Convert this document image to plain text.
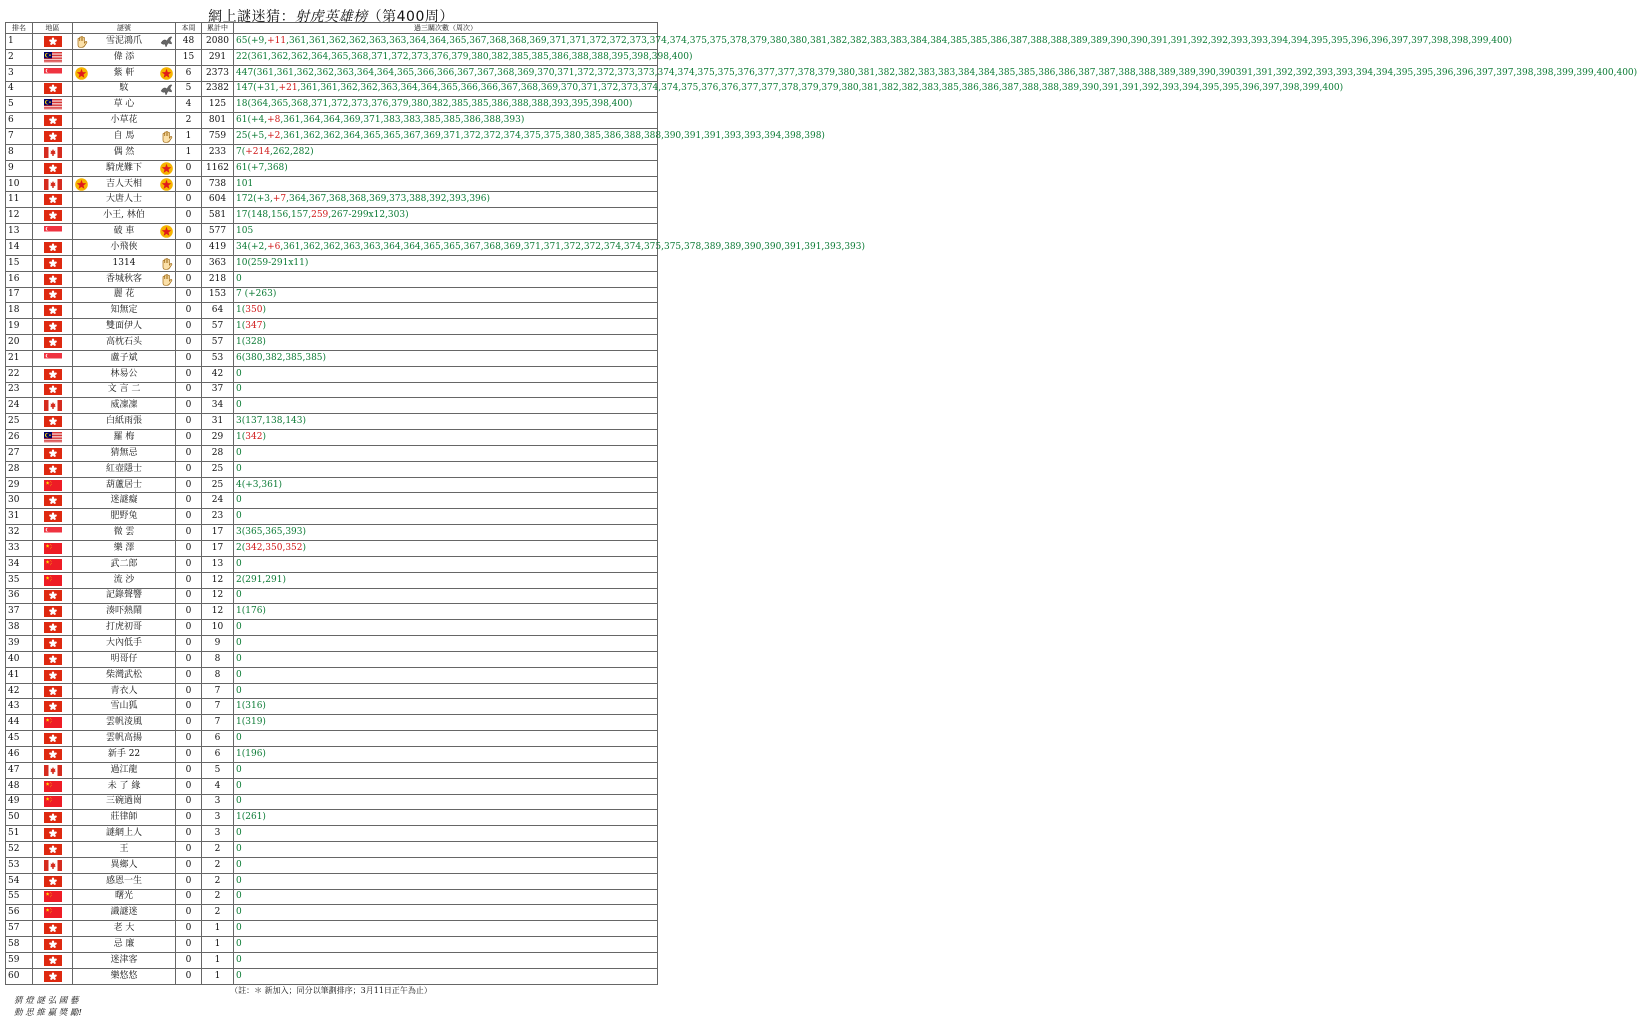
網上謎迷猜：射虎英雄榜（第400周）
排名	地區	謎號	本周	累計中	過三關次數（周次）
1		雪泥鴻爪	48	2080	65(+9,+11,361,361,362,362,363,363,364,364,365,367,368,368,369,371,371,372,372,373,374,374,375,375,378,379,380,380,381,382,382,383,383,384,384,385,385,386,387,388,388,389,389,390,390,391,391,392,392,393,393,394,394,395,395,396,396,397,397,398,398,399,400)
2		偉 添	15	291	22(361,362,362,364,365,368,371,372,373,376,379,380,382,385,385,386,388,388,395,398,398,400)
3		紫 軒	6	2373	447(361,361,362,362,363,364,364,365,366,366,367,367,368,369,370,371,372,372,373,373,374,374,375,375,376,377,377,378,379,380,381,382,382,383,383,384,384,385,385,386,386,387,387,388,388,389,389,390,390391,391,392,392,393,393,394,394,395,395,396,396,397,397,398,398,399,399,400,400)
4		馼	5	2382	147(+31,+21,361,361,362,362,363,364,364,365,366,366,367,368,369,370,371,372,373,374,374,375,376,376,377,377,378,379,379,380,381,382,382,383,385,386,386,387,388,388,389,390,391,391,392,393,394,395,395,396,397,398,399,400)
5		草 心	4	125	18(364,365,368,371,372,373,376,379,380,382,385,385,386,388,388,393,395,398,400)
6		小草花	2	801	61(+4,+8,361,364,364,369,371,383,383,385,385,386,388,393)
7		自 馬	1	759	25(+5,+2,361,362,362,364,365,365,367,369,371,372,372,374,375,375,380,385,386,388,388,390,391,391,393,393,394,398,398)
8		偶 然	1	233	7(+214,262,282)
9		騎虎難下	0	1162	61(+7,368)
10		吉人天相	0	738	101
11		大唐人士	0	604	172(+3,+7,364,367,368,368,369,373,388,392,393,396)
12		小王, 林伯	0	581	17(148,156,157,259,267-299x12,303)
13		破 車	0	577	105
14		小飛俠	0	419	34(+2,+6,361,362,362,363,363,364,364,365,365,367,368,369,371,371,372,372,374,374,375,375,378,389,389,390,390,391,391,393,393)
15		1314	0	363	10(259-291x11)
16		香城秋客	0	218	0
17		麗 花	0	153	7 (+263)
18		知無定	0	64	1(350)
19		雙面伊人	0	57	1(347)
20		高枕石头	0	57	1(328)
21		盧子斌	0	53	6(380,382,385,385)
22		林易公	0	42	0
23		文 言 二	0	37	0
24		威凜凜	0	34	0
25		白紙雨張	0	31	3(137,138,143)
26		羅 梅	0	29	1(342)
27		猜無忌	0	28	0
28		紅壺隱士	0	25	0
29		葫蘆居士	0	25	4(+3,361)
30		迷謎癡	0	24	0
31		肥野兔	0	23	0
32		微 雲	0	17	3(365,365,393)
33		樂 澤	0	17	2(342,350,352)
34		武二郎	0	13	0
35		流 沙	0	12	2(291,291)
36		記錄聲響	0	12	0
37		湊吓熱鬧	0	12	1(176)
38		打虎初哥	0	10	0
39		大內低手	0	9	0
40		明哥仔	0	8	0
41		柴灣武松	0	8	0
42		青衣人	0	7	0
43		雪山狐	0	7	1(316)
44		雲帆淩風	0	7	1(319)
45		雲帆高揚	0	6	0
46		新手 22	0	6	1(196)
47		過江龍	0	5	0
48		未 了 緣	0	4	0
49		三碗過崗	0	3	0
50		莊律師	0	3	1(261)
51		謎網上人	0	3	0
52		王	0	2	0
53		異鄉人	0	2	0
54		感恩一生	0	2	0
55		曙光	0	2	0
56		識謎迷	0	2	0
57		老 大	0	1	0
58		忌 廉	0	1	0
59		迷津客	0	1	0
60		樂悠悠	0	1	0
（註：＊ 新加入；同分以筆劃排序；3月11日正午為止）
猜 燈 謎 弘 國 藝
動 思 維 贏 獎 勵!
